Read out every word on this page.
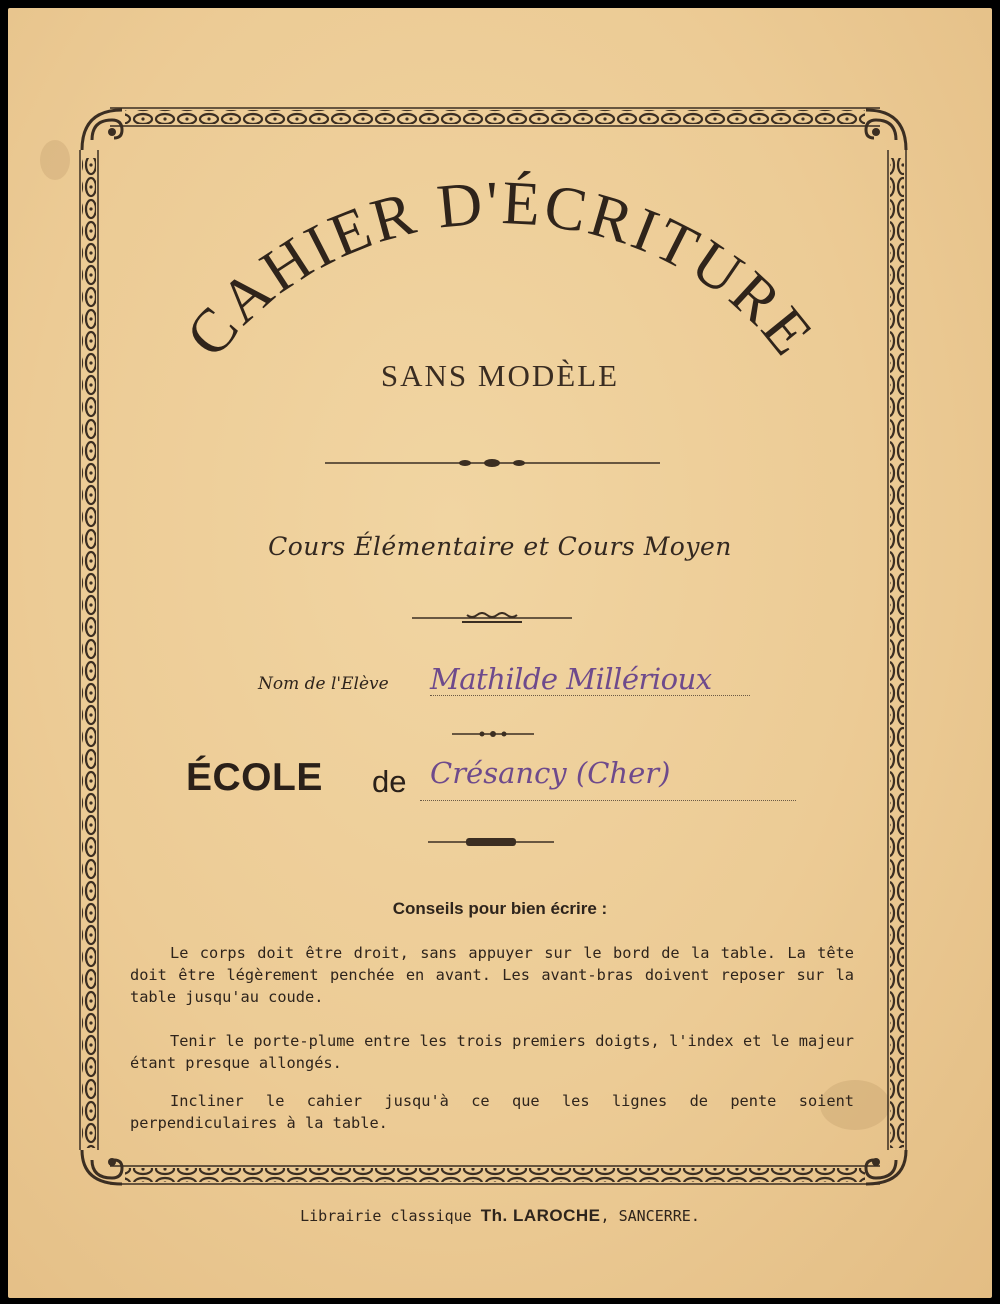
CAHIER D'ÉCRITURE
SANS MODÈLE
Cours Élémentaire et Cours Moyen
Nom de l'Elève Mathilde Millérioux
ÉCOLE de Crésancy (Cher)
Conseils pour bien écrire :

Le corps doit être droit, sans appuyer sur le bord de la table. La tête doit être légèrement penchée en avant. Les avant-bras doivent reposer sur la table jusqu'au coude.

Tenir le porte-plume entre les trois premiers doigts, l'index et le majeur étant presque allongés.

Incliner le cahier jusqu'à ce que les lignes de pente soient perpendiculaires à la table.

Librairie classique Th. LAROCHE, SANCERRE.
